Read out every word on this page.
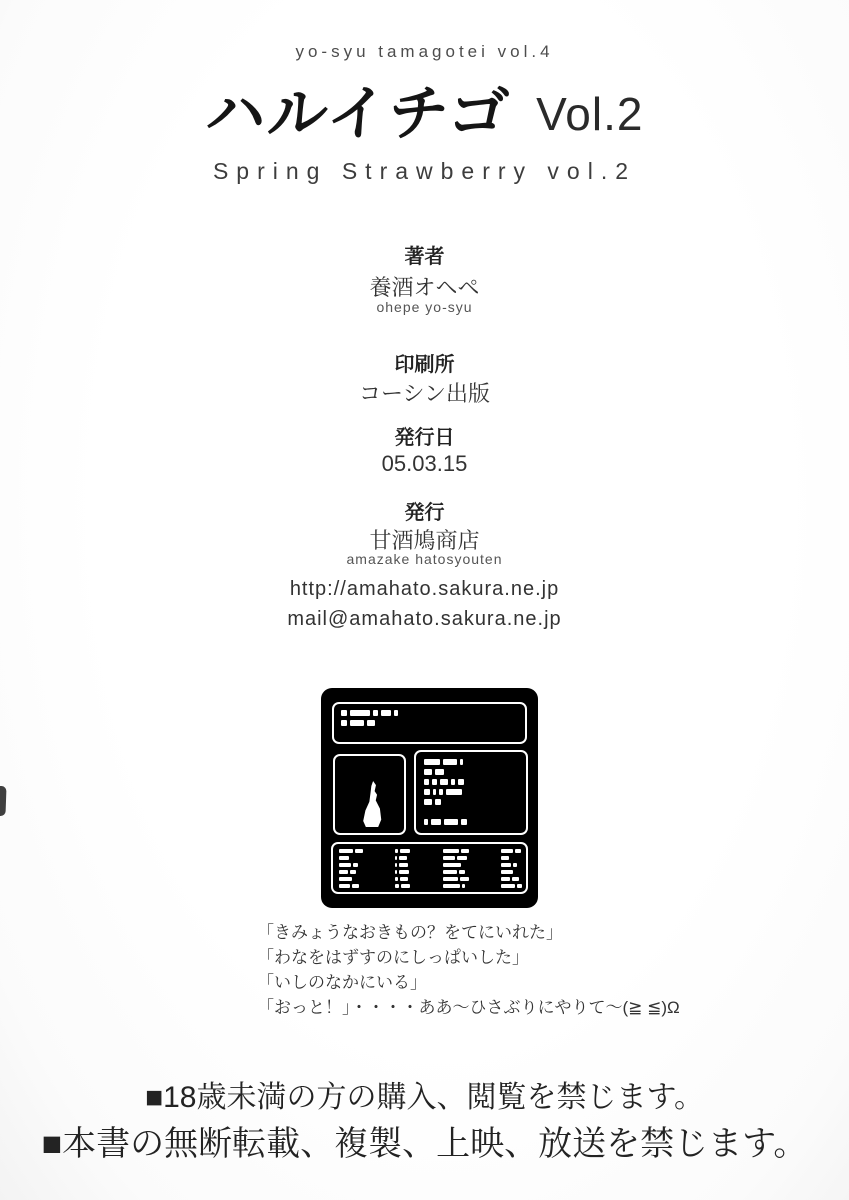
yo-syu tamagotei vol.4
ハルイチゴ Vol.2
Spring Strawberry vol.2
著者
養酒オヘペ
ohepe yo-syu
印刷所
コーシン出版
発行日
05.03.15
発行
甘酒鳩商店
amazake hatosyouten
http://amahato.sakura.ne.jp
mail@amahato.sakura.ne.jp
「きみょうなおきもの？をてにいれた」
「わなをはずすのにしっぱいした」
「いしのなかにいる」
「おっと！」・・・・ああ～ひさぶりにやりて～(≧ ≦)Ω
■18歳未満の方の購入、閲覧を禁じます。
■本書の無断転載、複製、上映、放送を禁じます。
